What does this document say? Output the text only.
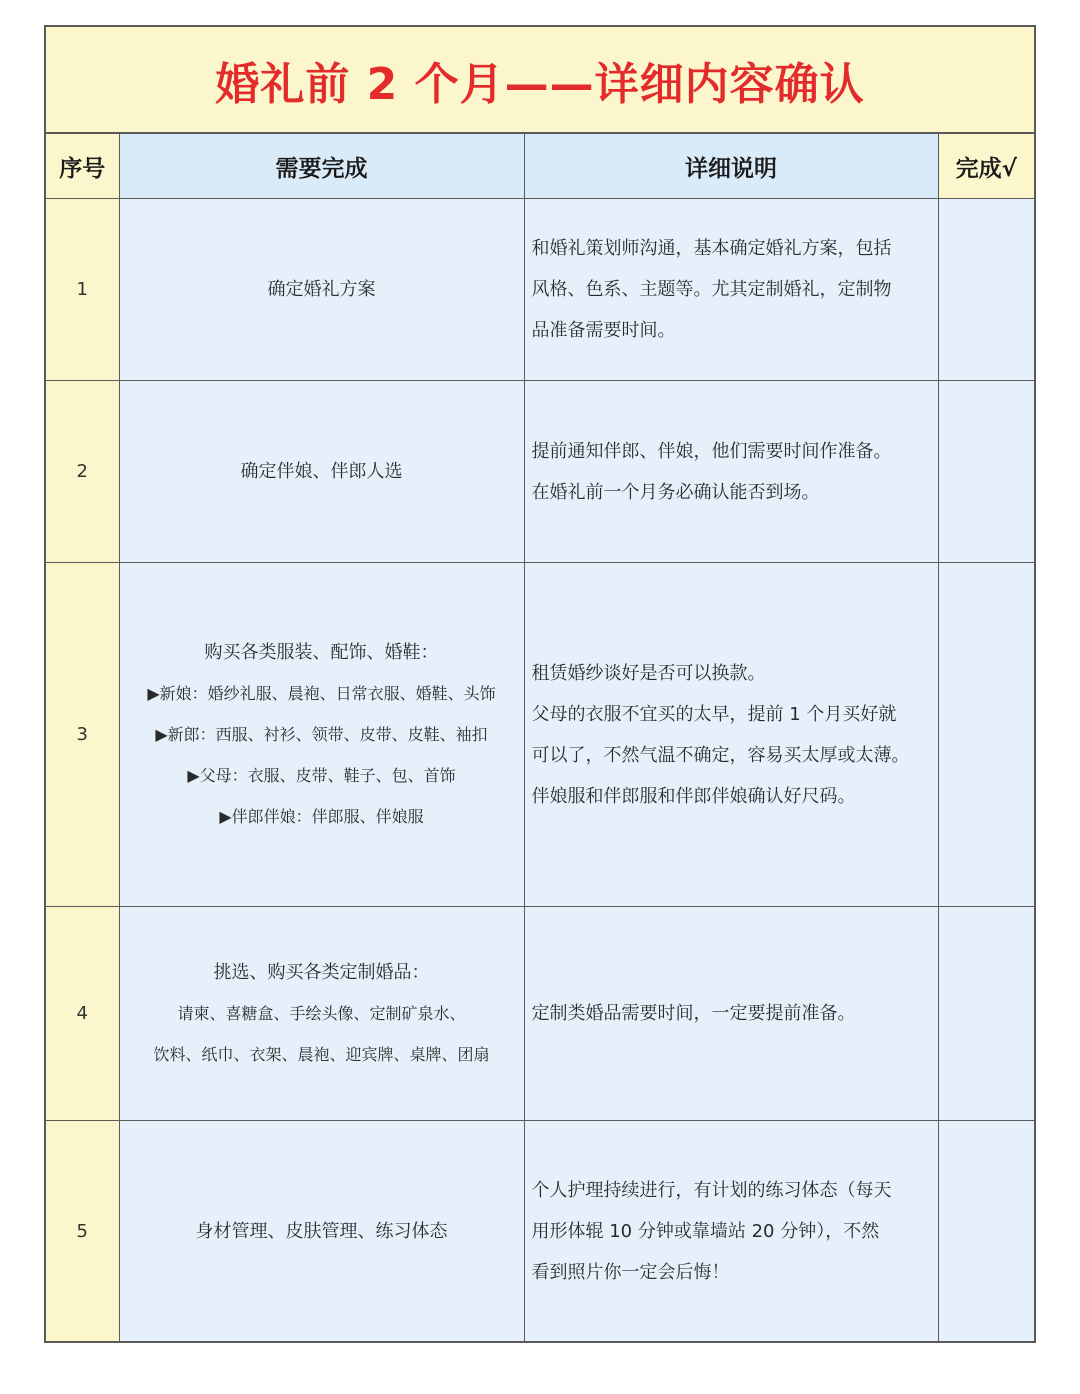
婚礼前 2 个月——详细内容确认
序号	需要完成	详细说明	完成√
1	确定婚礼方案	和婚礼策划师沟通，基本确定婚礼方案，包括
风格、色系、主题等。尤其定制婚礼，定制物
品准备需要时间。	

2	确定伴娘、伴郎人选	提前通知伴郎、伴娘，他们需要时间作准备。
在婚礼前一个月务必确认能否到场。	

3	购买各类服装、配饰、婚鞋：
▶新娘：婚纱礼服、晨袍、日常衣服、婚鞋、头饰
▶新郎：西服、衬衫、领带、皮带、皮鞋、袖扣
▶父母：衣服、皮带、鞋子、包、首饰
▶伴郎伴娘：伴郎服、伴娘服	租赁婚纱谈好是否可以换款。
父母的衣服不宜买的太早，提前 1 个月买好就
可以了，不然气温不确定，容易买太厚或太薄。
伴娘服和伴郎服和伴郎伴娘确认好尺码。	

4	挑选、购买各类定制婚品：
请柬、喜糖盒、手绘头像、定制矿泉水、
饮料、纸巾、衣架、晨袍、迎宾牌、桌牌、团扇	定制类婚品需要时间，一定要提前准备。	

5	身材管理、皮肤管理、练习体态	个人护理持续进行，有计划的练习体态（每天
用形体辊 10 分钟或靠墙站 20 分钟），不然
看到照片你一定会后悔！	
